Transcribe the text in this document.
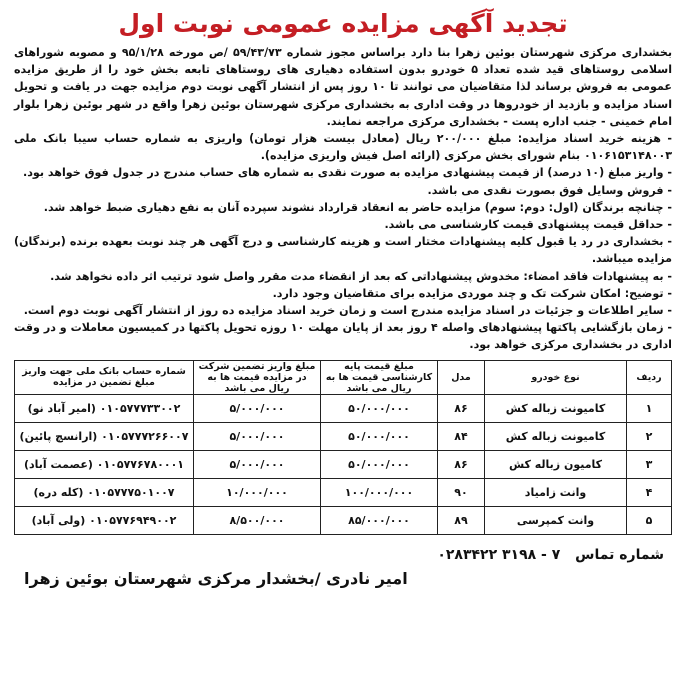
تجدید آگهی مزایده عمومی نوبت اول

بخشداری مرکزی شهرستان بوئین زهرا بنا دارد براساس مجوز شماره ۵۹/۴۳/۷۳ /ص مورخه ۹۵/۱/۲۸ و مصوبه شوراهای اسلامی روستاهای قید شده تعداد ۵ خودرو بدون استفاده دهیاری های روستاهای تابعه بخش خود را از طریق مزایده عمومی به فروش برساند لذا متقاضیان می توانند تا ۱۰ روز پس از انتشار آگهی نوبت دوم مزایده جهت در یافت و تحویل اسناد مزایده و بازدید از خودروها در وقت اداری به بخشداری مرکزی شهرستان بوئین زهرا واقع در شهر بوئین زهرا بلوار امام خمینی - جنب اداره پست - بخشداری مرکزی مراجعه نمایند.

- هزینه خرید اسناد مزایده: مبلغ ۲۰۰/۰۰۰ ریال (معادل بیست هزار تومان) واریزی به شماره حساب سیبا بانک ملی ۰۱۰۶۱۵۳۱۴۸۰۰۳ بنام شورای بخش مرکزی (ارائه اصل فیش واریزی مزایده).

- واریز مبلغ (۱۰ درصد) از قیمت پیشنهادی مزایده به صورت نقدی به شماره های حساب مندرج در جدول فوق خواهد بود.

- فروش وسایل فوق بصورت نقدی می باشد.

- چنانچه برندگان (اول: دوم: سوم) مزایده حاضر به انعقاد قرارداد نشوند سپرده آنان به نفع دهیاری ضبط خواهد شد.

- حداقل قیمت پیشنهادی قیمت کارشناسی می باشد.

- بخشداری در رد یا قبول کلیه پیشنهادات مختار است و هزینه کارشناسی و درج آگهی هر چند نوبت بعهده برنده (برندگان) مزایده میباشد.

- به پیشنهادات فاقد امضاء: مخدوش پیشنهاداتی که بعد از انقضاء مدت مقرر واصل شود ترتیب اثر داده نخواهد شد.

- توضیح: امکان شرکت تک و چند موردی مزایده برای متقاضیان وجود دارد.

- سایر اطلاعات و جزئیات در اسناد مزایده مندرج است و زمان خرید اسناد مزایده ده روز از انتشار آگهی نوبت دوم است.

- زمان بازگشایی پاکتها پیشنهادهای واصله ۴ روز بعد از پایان مهلت ۱۰ روزه تحویل پاکتها در کمیسیون معاملات و در وقت اداری در بخشداری مرکزی خواهد بود.

ردیف	نوع خودرو	مدل	مبلغ قیمت پایه کارشناسی قیمت ها به ریال می باشد	مبلغ واریز تضمین شرکت در مزایده قیمت ها به ریال می باشد	شماره حساب بانک ملی جهت واریز مبلغ تضمین در مزایده
۱	کامیونت زباله کش	۸۶	۵۰/۰۰۰/۰۰۰	۵/۰۰۰/۰۰۰	۰۱۰۵۷۷۷۳۳۰۰۲ (امیر آباد نو)
۲	کامیونت زباله کش	۸۴	۵۰/۰۰۰/۰۰۰	۵/۰۰۰/۰۰۰	۰۱۰۵۷۷۷۲۶۶۰۰۷ (ارانسچ پائین)
۳	کامیون زباله کش	۸۶	۵۰/۰۰۰/۰۰۰	۵/۰۰۰/۰۰۰	۰۱۰۵۷۷۶۷۸۰۰۰۱ (عصمت آباد)
۴	وانت زامیاد	۹۰	۱۰۰/۰۰۰/۰۰۰	۱۰/۰۰۰/۰۰۰	۰۱۰۵۷۷۷۵۰۱۰۰۷ (کله دره)
۵	وانت کمپرسی	۸۹	۸۵/۰۰۰/۰۰۰	۸/۵۰۰/۰۰۰	۰۱۰۵۷۷۶۹۴۹۰۰۲ (ولی آباد)
شماره تماس ۰۲۸۳۴۲۲ ۳۱۹۸ - ۷
امیر نادری /بخشدار مرکزی شهرستان بوئین زهرا
